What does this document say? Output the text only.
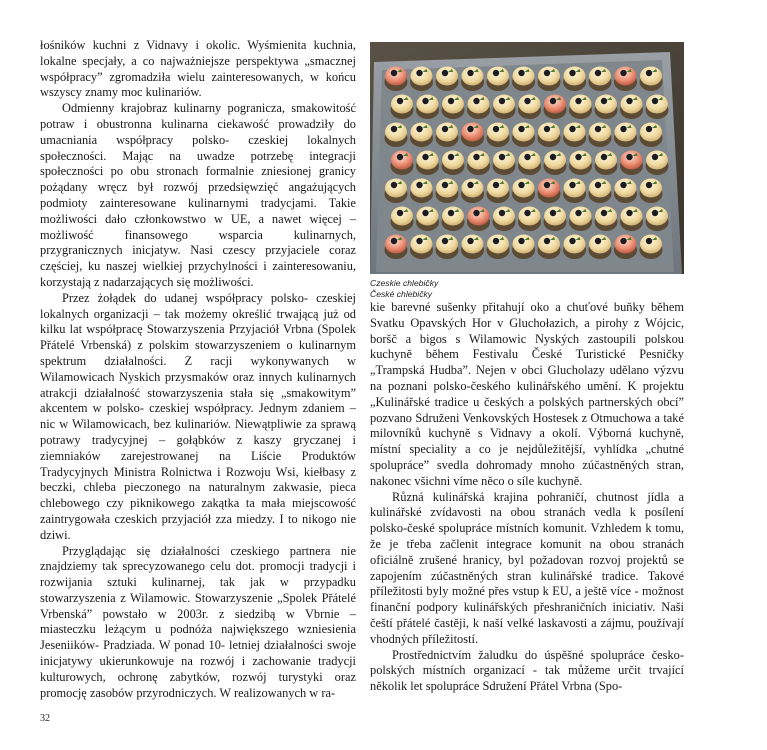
łośników kuchni z Vidnavy i okolic. Wyśmienita kuchnia, lokalne specjały, a co najważniejsze perspektywa „smacznej współpracy” zgromadziła wielu zainteresowanych, w końcu wszyscy znamy moc kulinariów.

Odmienny krajobraz kulinarny pogranicza, smakowitość potraw i obustronna kulinarna ciekawość prowadziły do umacniania współpracy polsko- czeskiej lokalnych społeczności. Mając na uwadze potrzebę integracji społeczności po obu stronach formalnie zniesionej granicy pożądany wręcz był rozwój przedsięwzięć angażujących podmioty zainteresowane kulinarnymi tradycjami. Takie możliwości dało członkowstwo w UE, a nawet więcej – możliwość finansowego wsparcia kulinarnych, przygranicznych inicjatyw. Nasi czescy przyjaciele coraz częściej, ku naszej wielkiej przychylności i zainteresowaniu, korzystają z nadarzających się możliwości.

Przez żołądek do udanej współpracy polsko- czeskiej lokalnych organizacji – tak możemy określić trwającą już od kilku lat współpracę Stowarzyszenia Przyjaciół Vrbna (Spolek Přátelé Vrbenská) z polskim stowarzyszeniem o kulinarnym spektrum działalności. Z racji wykonywanych w Wilamowicach Nyskich przysmaków oraz innych kulinarnych atrakcji działalność stowarzyszenia stała się „smakowitym” akcentem w polsko- czeskiej współpracy. Jednym zdaniem – nic w Wilamowicach, bez kulinariów. Niewątpliwie za sprawą potrawy tradycyjnej – gołąbków z kaszy gryczanej i ziemniaków zarejestrowanej na Liście Produktów Tradycyjnych Ministra Rolnictwa i Rozwoju Wsi, kiełbasy z beczki, chleba pieczonego na naturalnym zakwasie, pieca chlebowego czy piknikowego zakątka ta mała miejscowość zaintrygowała czeskich przyjaciół zza miedzy. I to nikogo nie dziwi.

Przyglądając się działalności czeskiego partnera nie znajdziemy tak sprecyzowanego celu dot. promocji tradycji i rozwijania sztuki kulinarnej, tak jak w przypadku stowarzyszenia z Wilamowic. Stowarzyszenie „Spolek Přátelé Vrbenská” powstało w 2003r. z siedzibą w Vbrnie – miasteczku leżącym u podnóża największego wzniesienia Jeseniików- Pradziada. W ponad 10- letniej działalności swoje inicjatywy ukierunkowuje na rozwój i zachowanie tradycji kulturowych, ochronę zabytków, rozwój turystyki oraz promocję zasobów przyrodniczych. W realizowanych w ra-

Czeskie chlebičky
České chlebičky

kie barevné sušenky přitahují oko a chuťové buňky během Svatku Opavských Hor v Gluchołazich, a pirohy z Wójcic, boršč a bigos s Wilamowic Nyských zastoupili polskou kuchyně během Festivalu České Turistické Pesničky „Trampská Hudba”. Nejen v obci Glucholazy udělano výzvu na poznani polsko-českého kulinářského umění. K projektu „Kulinářské tradice u českých a polských partnerských obcí” pozvano Sdruženi Venkovských Hostesek z Otmuchowa a také milovníků kuchyně s Vidnavy a okolí. Výborná kuchyně, místní speciality a co je nejdůležitější, vyhlídka „chutné spolupráce” svedla dohromady mnoho zúčastněných stran, nakonec všichni víme něco o síle kuchyně.

Různá kulinářská krajina pohraničí, chutnost jídla a kulinářské zvídavosti na obou stranách vedla k posílení polsko-české spolupráce místních komunit. Vzhledem k tomu, že je třeba začlenit integrace komunit na obou stranách oficiálně zrušené hranicy, byl požadovan rozvoj projektů se zapojením zúčastněných stran kulinářské tradice. Takové příležitosti byly možné přes vstup k EU, a ještě více - možnost finanční podpory kulinářských přeshraničních iniciativ. Naši čeští přátelé častěji, k naší velké laskavosti a zájmu, používají vhodných příležitostí.

Prostřednictvím žaludku do úspěšné spolupráce česko-polských místních organizací - tak můžeme určit trvající několik let spolupráce Sdružení Přátel Vrbna (Spo-

32
